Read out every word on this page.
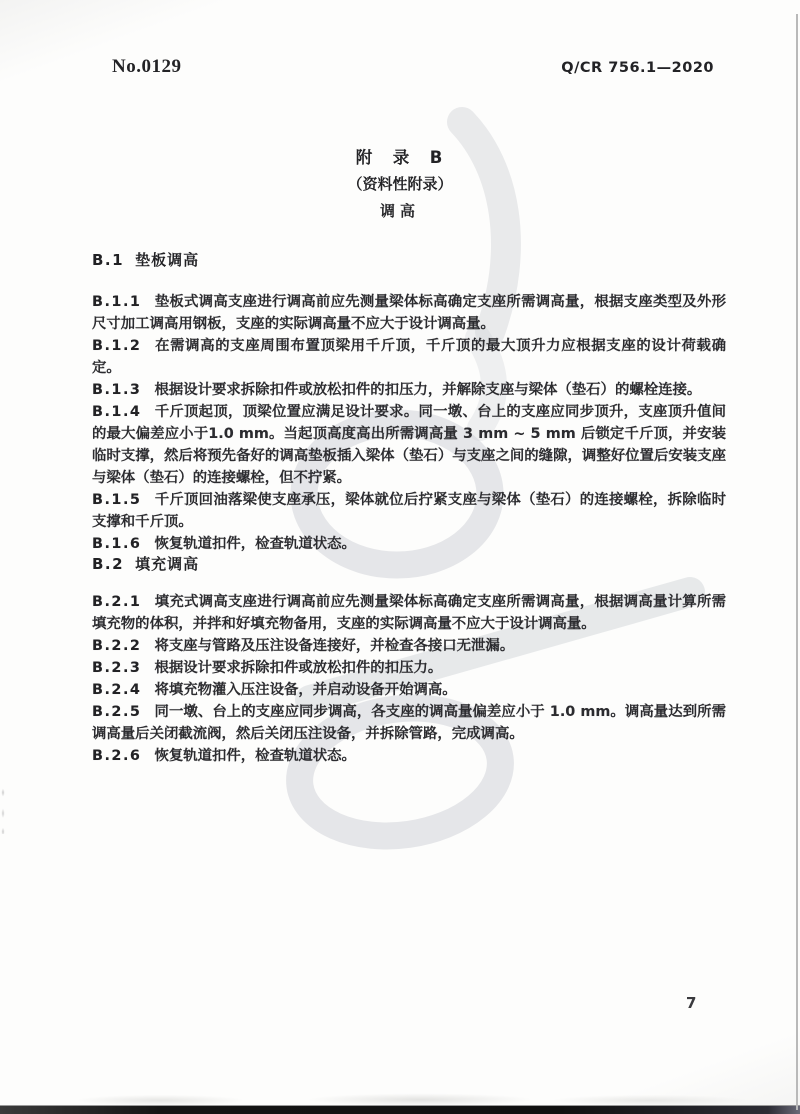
No.0129	Q/CR 756.1—2020
附　录　B
（资料性附录）
调高
B.1 垫板调高

B.1.1 垫板式调高支座进行调高前应先测量梁体标高确定支座所需调高量，根据支座类型及外形尺寸加工调高用钢板，支座的实际调高量不应大于设计调高量。

B.1.2 在需调高的支座周围布置顶梁用千斤顶，千斤顶的最大顶升力应根据支座的设计荷载确定。

B.1.3 根据设计要求拆除扣件或放松扣件的扣压力，并解除支座与梁体（垫石）的螺栓连接。

B.1.4 千斤顶起顶，顶梁位置应满足设计要求。同一墩、台上的支座应同步顶升，支座顶升值间的最大偏差应小于1.0 mm。当起顶高度高出所需调高量 3 mm ~ 5 mm 后锁定千斤顶，并安装临时支撑，然后将预先备好的调高垫板插入梁体（垫石）与支座之间的缝隙，调整好位置后安装支座与梁体（垫石）的连接螺栓，但不拧紧。

B.1.5 千斤顶回油落梁使支座承压，梁体就位后拧紧支座与梁体（垫石）的连接螺栓，拆除临时支撑和千斤顶。

B.1.6 恢复轨道扣件，检查轨道状态。

B.2 填充调高

B.2.1 填充式调高支座进行调高前应先测量梁体标高确定支座所需调高量，根据调高量计算所需填充物的体积，并拌和好填充物备用，支座的实际调高量不应大于设计调高量。

B.2.2 将支座与管路及压注设备连接好，并检查各接口无泄漏。

B.2.3 根据设计要求拆除扣件或放松扣件的扣压力。

B.2.4 将填充物灌入压注设备，并启动设备开始调高。

B.2.5 同一墩、台上的支座应同步调高，各支座的调高量偏差应小于 1.0 mm。调高量达到所需调高量后关闭截流阀，然后关闭压注设备，并拆除管路，完成调高。

B.2.6 恢复轨道扣件，检查轨道状态。

7
